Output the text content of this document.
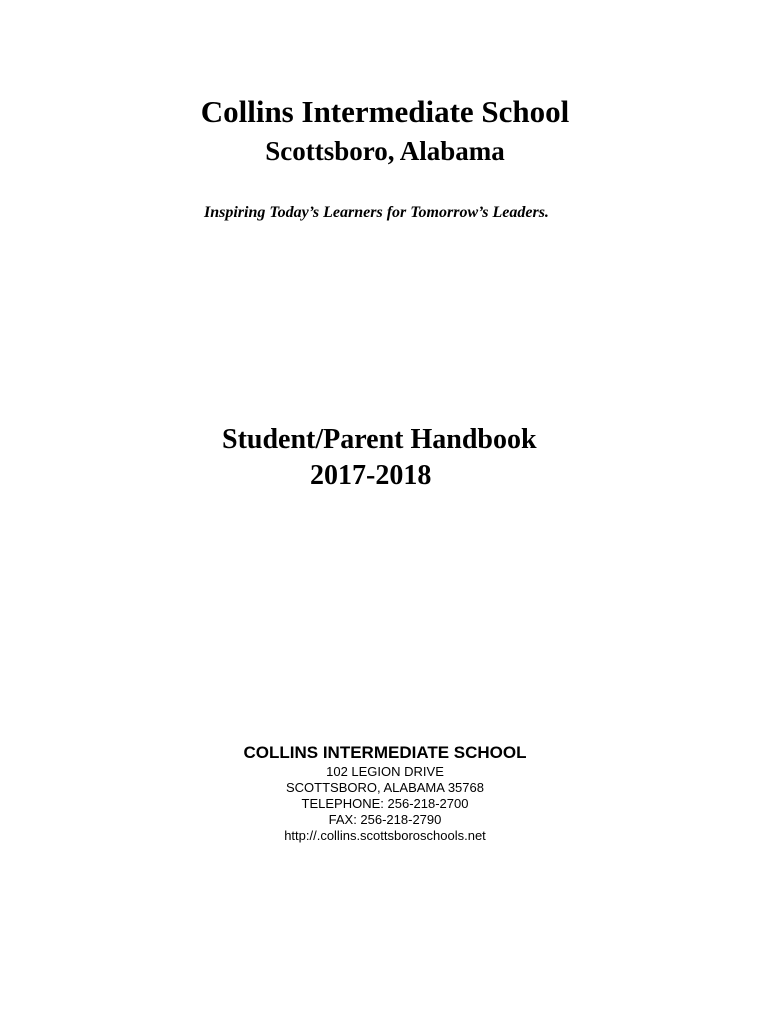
Collins Intermediate School
Scottsboro, Alabama
Inspiring Today’s Learners for Tomorrow’s Leaders.
Student/Parent Handbook
2017-2018
COLLINS INTERMEDIATE SCHOOL
102 LEGION DRIVE
SCOTTSBORO, ALABAMA 35768
TELEPHONE: 256-218-2700
FAX: 256-218-2790
http://.collins.scottsboroschools.net
